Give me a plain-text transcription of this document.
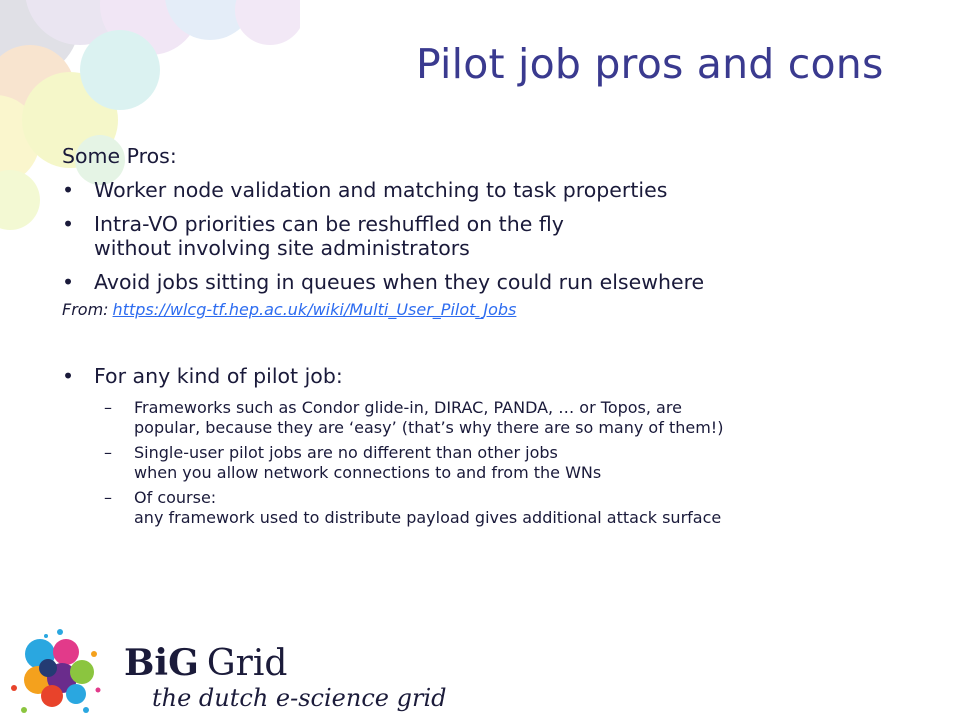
Pilot job pros and cons
Some Pros:
• Worker node validation and matching to task properties
• Intra-VO priorities can be reshuffled on the fly
without involving site administrators
• Avoid jobs sitting in queues when they could run elsewhere
From: https://wlcg-tf.hep.ac.uk/wiki/Multi_User_Pilot_Jobs
• For any kind of pilot job:
– Frameworks such as Condor glide-in, DIRAC, PANDA, … or Topos, are
popular, because they are ‘easy’ (that’s why there are so many of them!)
– Single-user pilot jobs are no different than other jobs
when you allow network connections to and from the WNs
– Of course:
any framework used to distribute payload gives additional attack surface
BiG Grid
the dutch e-science grid
